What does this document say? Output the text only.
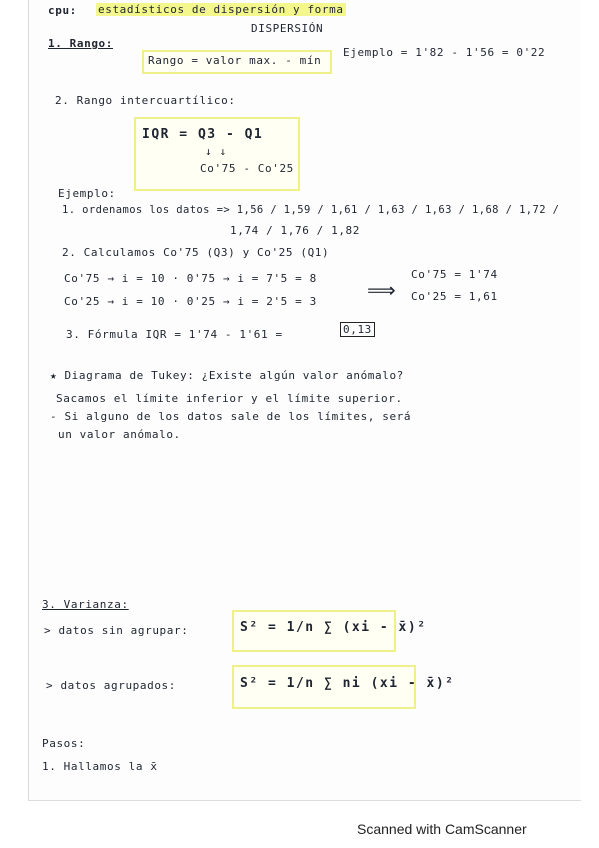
cpu: estadísticos de dispersión y forma
DISPERSIÓN
1. Rango:
Rango = valor max. - mín
Ejemplo = 1'82 - 1'56 = 0'22
2. Rango intercuartílico:
IQR = Q3 - Q1
↓ ↓
Co'75 - Co'25
Ejemplo:
1. ordenamos los datos => 1,56 / 1,59 / 1,61 / 1,63 / 1,63 / 1,68 / 1,72 /
1,74 / 1,76 / 1,82
2. Calculamos Co'75 (Q3) y Co'25 (Q1)
Co'75 → i = 10 · 0'75 → i = 7'5 = 8
Co'25 → i = 10 · 0'25 → i = 2'5 = 3	⟹
Co'75 = 1'74
Co'25 = 1,61
3. Fórmula IQR = 1'74 - 1'61 =	0,13
★ Diagrama de Tukey: ¿Existe algún valor anómalo?
Sacamos el límite inferior y el límite superior.
- Si alguno de los datos sale de los límites, será
un valor anómalo.
3. Varianza:
> datos sin agrupar:	S² = 1/n ∑ (xi - x̄)²
> datos agrupados:	S² = 1/n ∑ ni (xi - x̄)²
Pasos:
1. Hallamos la x̄
Scanned with CamScanner
